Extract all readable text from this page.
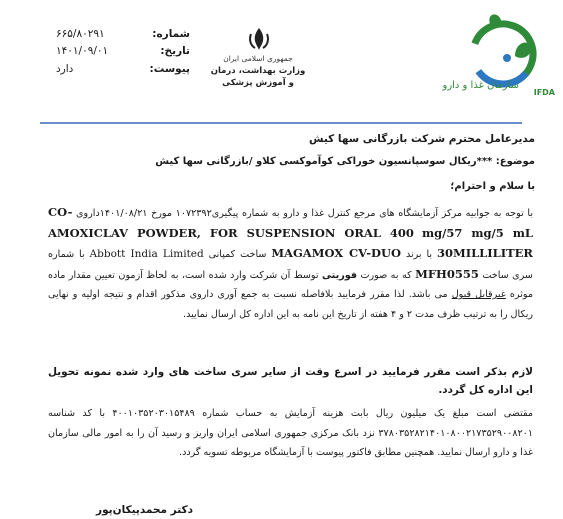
سازمان غذا و دارو
IFDA
جمهوری اسلامی ایران
وزارت بهداشت، درمان
و آموزش پزشکی
شماره:
۶۶۵/۸۰۲۹۱
تاریخ:
۱۴۰۱/۰۹/۰۱
پیوست:
دارد
مدیرعامل محترم شرکت بازرگانی سها کیش
موضوع: ***ریکال سوسپانسیون خوراکی کوآموکسی کلاو /بازرگانی سها کیش
با سلام و احترام؛
با توجه به جوابیه مرکز آزمایشگاه های مرجع کنترل غذا و دارو به شماره پیگیری۱۰۷۲۳۹۲ مورخ ۱۴۰۱/۰۸/۲۱داروی CO-AMOXICLAV POWDER, FOR SUSPENSION ORAL 400 mg/57 mg/5 mL 30MILLILITER با برند MAGAMOX CV-DUO ساخت کمپانی Abbott India Limited با شماره سری ساخت MFH0555 که به صورت فوریتی توسط آن شرکت وارد شده است، به لحاظ آزمون تعیین مقدار ماده موثره غیرقابل قبول می باشد. لذا مقرر فرمایید بلافاصله نسبت به جمع آوری داروی مذکور اقدام و نتیجه اولیه و نهایی ریکال را به ترتیب ظرف مدت ۲ و ۴ هفته از تاریخ این نامه به این اداره کل ارسال نمایید.
لازم بذکر است مقرر فرمایید در اسرع وقت از سایر سری ساخت های وارد شده نمونه تحویل این اداره کل گردد.
مقتضی است مبلغ یک میلیون ریال بابت هزینه آزمایش به حساب شماره ۴۰۰۱۰۳۵۲۰۳۰۱۵۴۸۹ با کد شناسه ۳۷۸۰۳۵۲۸۲۱۴۰۱۰۸۰۰۲۱۷۳۵۲۹۰۰۸۲۰۱ نزد بانک مرکزی جمهوری اسلامی ایران واریز و رسید آن را به امور مالی سازمان غذا و دارو ارسال نمایید. همچنین مطابق فاکتور پیوست با آزمایشگاه مربوطه تسویه گردد.
دکتر محمدپیکان‌پور
